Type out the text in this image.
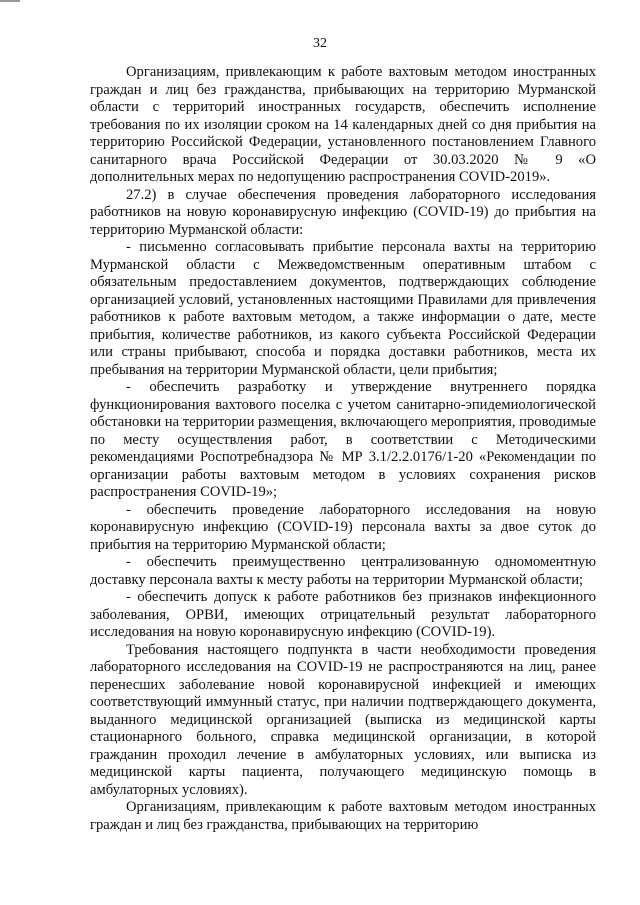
32

Организациям, привлекающим к работе вахтовым методом иностранных граждан и лиц без гражданства, прибывающих на территорию Мурманской области с территорий иностранных государств, обеспечить исполнение требования по их изоляции сроком на 14 календарных дней со дня прибытия на территорию Российской Федерации, установленного постановлением Главного санитарного врача Российской Федерации от 30.03.2020 № 9 «О дополнительных мерах по недопущению распространения COVID-2019».

27.2) в случае обеспечения проведения лабораторного исследования работников на новую коронавирусную инфекцию (COVID-19) до прибытия на территорию Мурманской области:

- письменно согласовывать прибытие персонала вахты на территорию Мурманской области с Межведомственным оперативным штабом с обязательным предоставлением документов, подтверждающих соблюдение организацией условий, установленных настоящими Правилами для привлечения работников к работе вахтовым методом, а также информации о дате, месте прибытия, количестве работников, из какого субъекта Российской Федерации или страны прибывают, способа и порядка доставки работников, места их пребывания на территории Мурманской области, цели прибытия;

- обеспечить разработку и утверждение внутреннего порядка функционирования вахтового поселка с учетом санитарно-эпидемиологической обстановки на территории размещения, включающего мероприятия, проводимые по месту осуществления работ, в соответствии с Методическими рекомендациями Роспотребнадзора № МР 3.1/2.2.0176/1-20 «Рекомендации по организации работы вахтовым методом в условиях сохранения рисков распространения COVID-19»;

- обеспечить проведение лабораторного исследования на новую коронавирусную инфекцию (COVID-19) персонала вахты за двое суток до прибытия на территорию Мурманской области;

- обеспечить преимущественно централизованную одномоментную доставку персонала вахты к месту работы на территории Мурманской области;

- обеспечить допуск к работе работников без признаков инфекционного заболевания, ОРВИ, имеющих отрицательный результат лабораторного исследования на новую коронавирусную инфекцию (COVID-19).

Требования настоящего подпункта в части необходимости проведения лабораторного исследования на COVID-19 не распространяются на лиц, ранее перенесших заболевание новой коронавирусной инфекцией и имеющих соответствующий иммунный статус, при наличии подтверждающего документа, выданного медицинской организацией (выписка из медицинской карты стационарного больного, справка медицинской организации, в которой гражданин проходил лечение в амбулаторных условиях, или выписка из медицинской карты пациента, получающего медицинскую помощь в амбулаторных условиях).

Организациям, привлекающим к работе вахтовым методом иностранных граждан и лиц без гражданства, прибывающих на территорию
